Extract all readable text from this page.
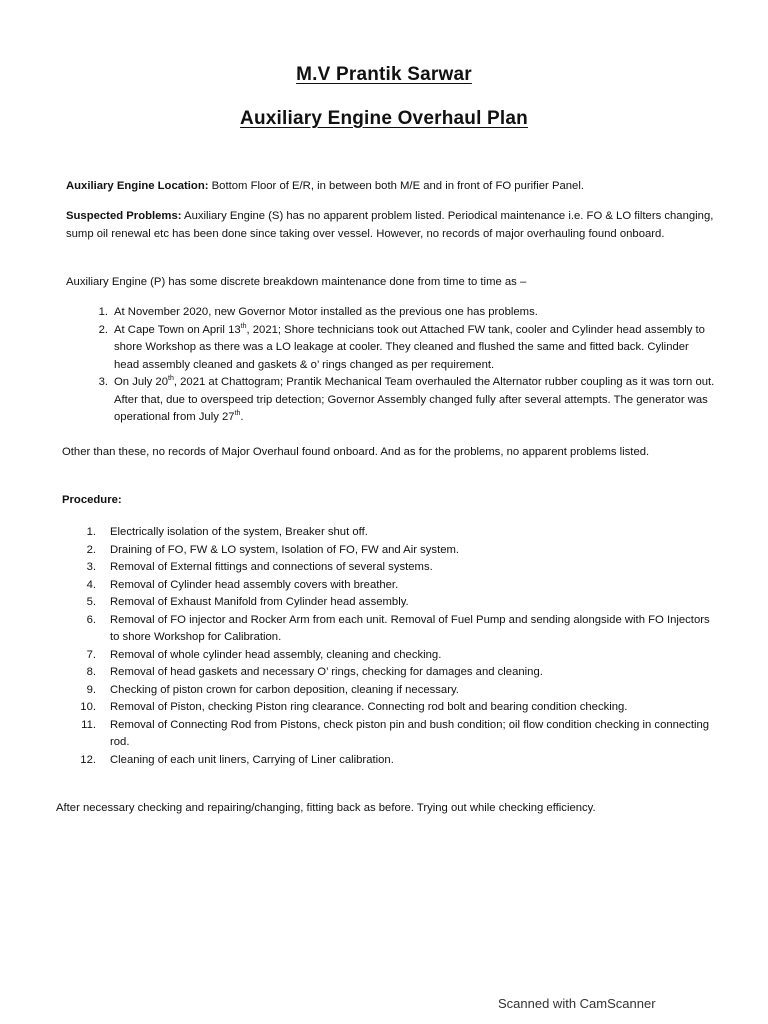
M.V Prantik Sarwar
Auxiliary Engine Overhaul Plan
Auxiliary Engine Location: Bottom Floor of E/R, in between both M/E and in front of FO purifier Panel.
Suspected Problems: Auxiliary Engine (S) has no apparent problem listed. Periodical maintenance i.e. FO & LO filters changing, sump oil renewal etc has been done since taking over vessel. However, no records of major overhauling found onboard.
Auxiliary Engine (P) has some discrete breakdown maintenance done from time to time as –
1. At November 2020, new Governor Motor installed as the previous one has problems.
2. At Cape Town on April 13th, 2021; Shore technicians took out Attached FW tank, cooler and Cylinder head assembly to shore Workshop as there was a LO leakage at cooler. They cleaned and flushed the same and fitted back. Cylinder head assembly cleaned and gaskets & o’ rings changed as per requirement.
3. On July 20th, 2021 at Chattogram; Prantik Mechanical Team overhauled the Alternator rubber coupling as it was torn out. After that, due to overspeed trip detection; Governor Assembly changed fully after several attempts. The generator was operational from July 27th.
Other than these, no records of Major Overhaul found onboard. And as for the problems, no apparent problems listed.
Procedure:
1. Electrically isolation of the system, Breaker shut off.
2. Draining of FO, FW & LO system, Isolation of FO, FW and Air system.
3. Removal of External fittings and connections of several systems.
4. Removal of Cylinder head assembly covers with breather.
5. Removal of Exhaust Manifold from Cylinder head assembly.
6. Removal of FO injector and Rocker Arm from each unit. Removal of Fuel Pump and sending alongside with FO Injectors to shore Workshop for Calibration.
7. Removal of whole cylinder head assembly, cleaning and checking.
8. Removal of head gaskets and necessary O’ rings, checking for damages and cleaning.
9. Checking of piston crown for carbon deposition, cleaning if necessary.
10. Removal of Piston, checking Piston ring clearance. Connecting rod bolt and bearing condition checking.
11. Removal of Connecting Rod from Pistons, check piston pin and bush condition; oil flow condition checking in connecting rod.
12. Cleaning of each unit liners, Carrying of Liner calibration.
After necessary checking and repairing/changing, fitting back as before. Trying out while checking efficiency.
Scanned with CamScanner
